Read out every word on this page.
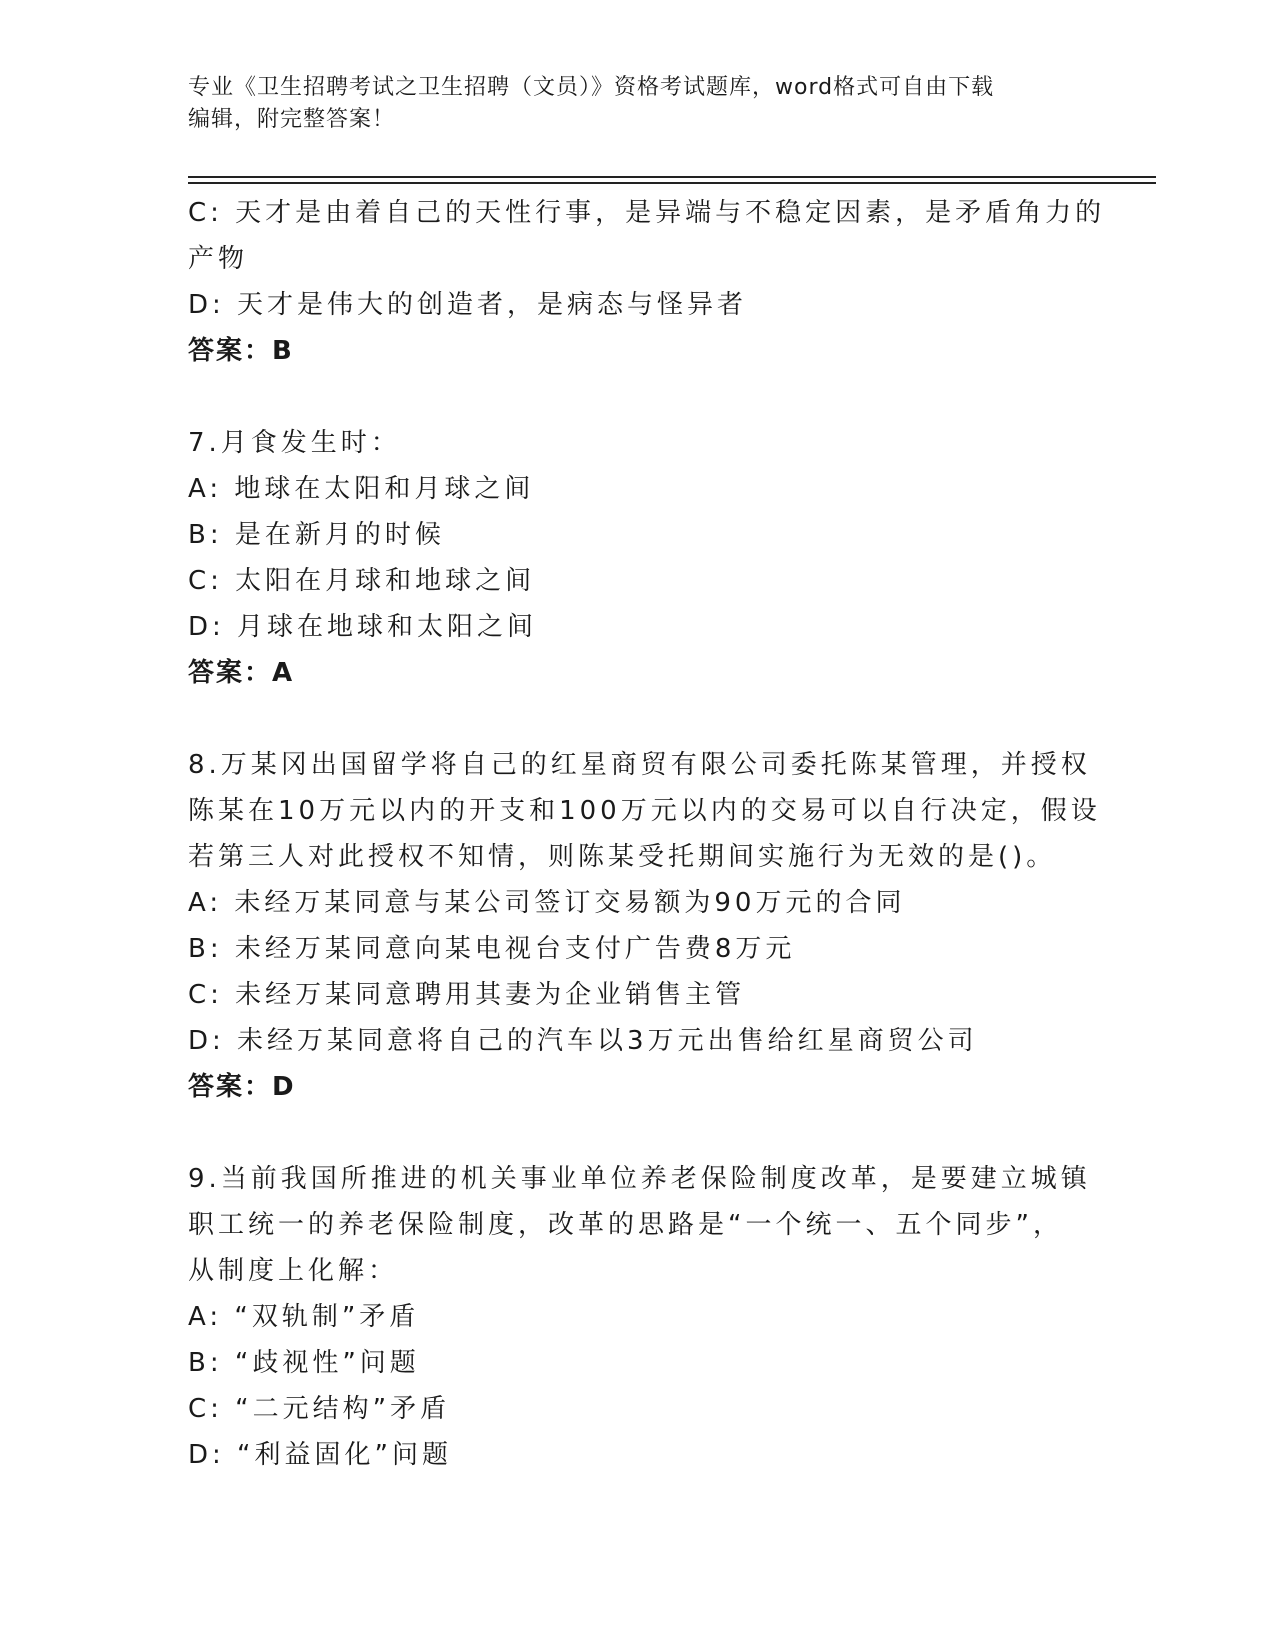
专业《卫生招聘考试之卫生招聘（文员）》资格考试题库，word格式可自由下载
编辑，附完整答案！
C: 天才是由着自己的天性行事，是异端与不稳定因素，是矛盾角力的
产物
D: 天才是伟大的创造者，是病态与怪异者
答案：B
7.月食发生时：
A: 地球在太阳和月球之间
B: 是在新月的时候
C: 太阳在月球和地球之间
D: 月球在地球和太阳之间
答案：A
8.万某冈出国留学将自己的红星商贸有限公司委托陈某管理，并授权
陈某在10万元以内的开支和100万元以内的交易可以自行决定，假设
若第三人对此授权不知情，则陈某受托期间实施行为无效的是()。
A: 未经万某同意与某公司签订交易额为90万元的合同
B: 未经万某同意向某电视台支付广告费8万元
C: 未经万某同意聘用其妻为企业销售主管
D: 未经万某同意将自己的汽车以3万元出售给红星商贸公司
答案：D
9.当前我国所推进的机关事业单位养老保险制度改革，是要建立城镇
职工统一的养老保险制度，改革的思路是“一个统一、五个同步”，
从制度上化解：
A: “双轨制”矛盾
B: “歧视性”问题
C: “二元结构”矛盾
D: “利益固化”问题
